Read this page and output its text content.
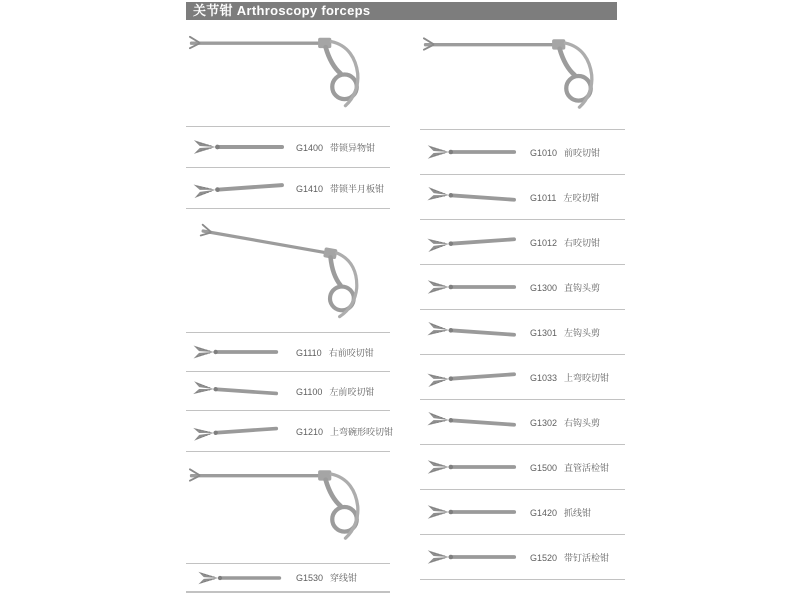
关节钳 Arthroscopy forceps
G1400 带锁异物钳
G1410 带锁半月板钳
G1110 右前咬切钳
G1100 左前咬切钳
G1210 上弯碗形咬切钳
G1530 穿线钳
G1010 前咬切钳
G1011 左咬切钳
G1012 右咬切钳
G1300 直钩头剪
G1301 左钩头剪
G1033 上弯咬切钳
G1302 右钩头剪
G1500 直管活检钳
G1420 抓线钳
G1520 带钉活检钳
